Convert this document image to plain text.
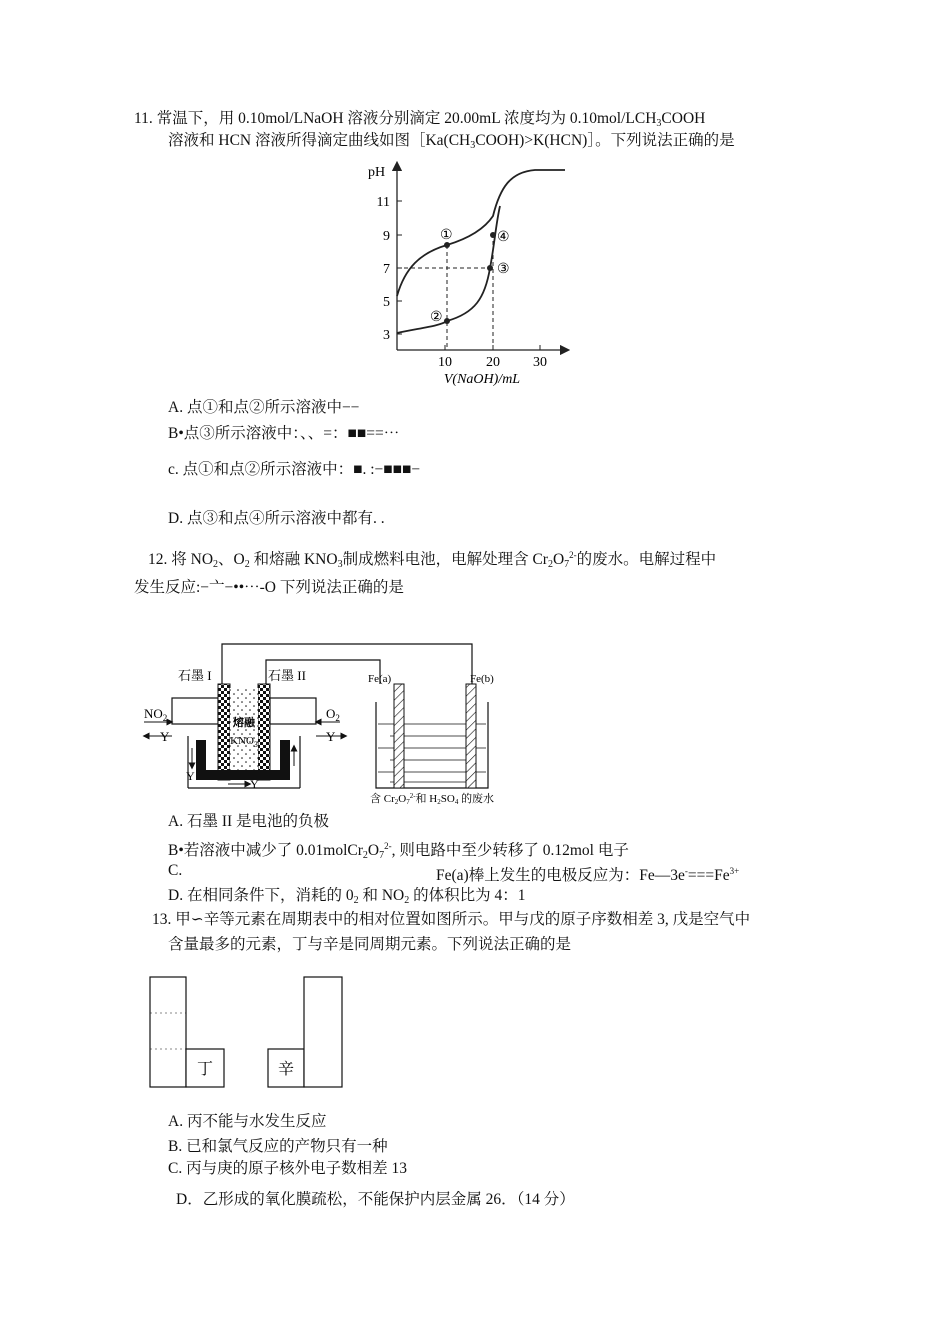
11. 常温下，用 0.10mol/LNaOH 溶液分别滴定 20.00mL 浓度均为 $0.10mol/LCH_3COOH$
溶液和 HCN 溶液所得滴定曲线如图$[Ka(CH_3COOH)>K(HCN)]$。下列说法正确的是
pH
3
5
7
9
11
10 20 30
V(NaOH)/mL
①
②
③
④
A. 点①和点②所示溶液中−−
B•点③所示溶液中：、、=：■■==⋯
c. 点①和点②所示溶液中：■. :−■■■−
D. 点③和点④所示溶液中都有. .
12. 将 $NO_2$、$O_2$ 和熔融 $KNO_3$制成燃料电池，电解处理含 $Cr_2O_7^{2-}$的废水。电解过程中
发生反应:−亠−••⋯-O 下列说法正确的是
石墨 I	石墨 II
熔融
$KNO_3$
$NO_2$	$O_2$
Y	Y
Y
Y
Fe(a)	Fe(b)
含 $Cr2O7^{2-}$和 H2SO4 的废水
A. 石墨 II 是电池的负极
B•若溶液中减少了 $0.01molCr_2O_7^{2-}$, 则电路中至少转移了 0.12mol 电子
C.	Fe(a)棒上发生的电极反应为：$Fe—3e^-===Fe^{3+}$
D. 在相同条件下，消耗的 $0_2$ 和 $NO_2$ 的体积比为 4：1
13. 甲∽辛等元素在周期表中的相对位置如图所示。甲与戊的原子序数相差 3, 戊是空气中
含量最多的元素，丁与辛是同周期元素。下列说法正确的是
丁	辛
A. 丙不能与水发生反应
B. 已和氯气反应的产物只有一种
C. 丙与庚的原子核外电子数相差 13
D．乙形成的氧化膜疏松，不能保护内层金属 26．（14 分）
